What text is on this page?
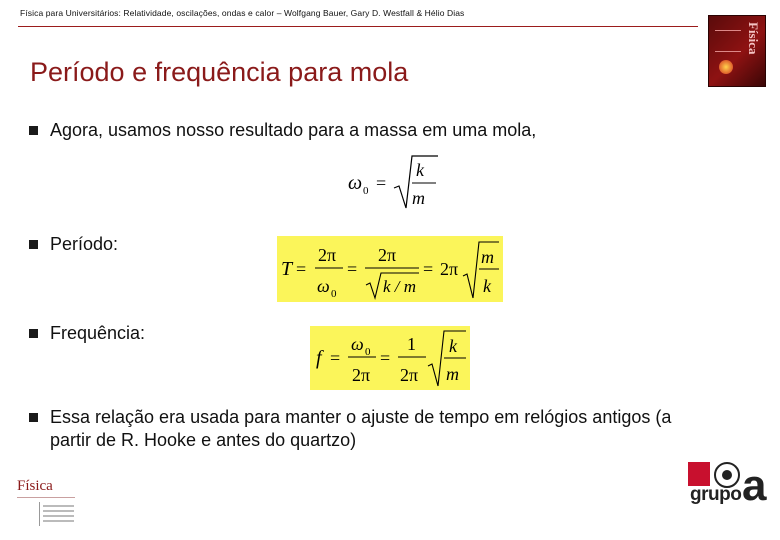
Física para Universitários: Relatividade, oscilações, ondas e calor – Wolfgang Bauer, Gary D. Westfall & Hélio Dias
Física
Período e frequência para mola
Agora, usamos nosso resultado para a massa em uma mola,
ω 0 =
k
m
Período:
T =
2π
ω 0
=
2π
k / m
= 2π
m
k
Frequência:
f =
ω 0
2π
=
1
2π
k
m
Essa relação era usada para manter o ajuste de tempo em relógios antigos (a partir de R. Hooke e antes do quartzo)
Física	a
grupo
